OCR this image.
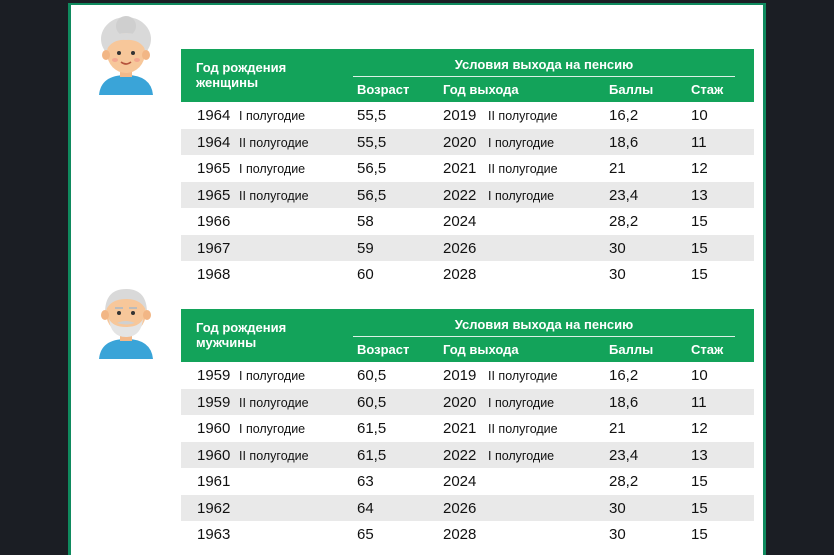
Год рождения женщины
Условия выхода на пенсию
Возраст	Год выхода	Баллы	Стаж
1964 I полугодие	55,5	2019 II полугодие	16,2	10
1964 II полугодие	55,5	2020 I полугодие	18,6	11
1965 I полугодие	56,5	2021 II полугодие	21	12
1965 II полугодие	56,5	2022 I полугодие	23,4	13
1966	58	2024	28,2	15
1967	59	2026	30	15
1968	60	2028	30	15
Год рождения мужчины
Условия выхода на пенсию
Возраст	Год выхода	Баллы	Стаж
1959 I полугодие	60,5	2019 II полугодие	16,2	10
1959 II полугодие	60,5	2020 I полугодие	18,6	11
1960 I полугодие	61,5	2021 II полугодие	21	12
1960 II полугодие	61,5	2022 I полугодие	23,4	13
1961	63	2024	28,2	15
1962	64	2026	30	15
1963	65	2028	30	15
